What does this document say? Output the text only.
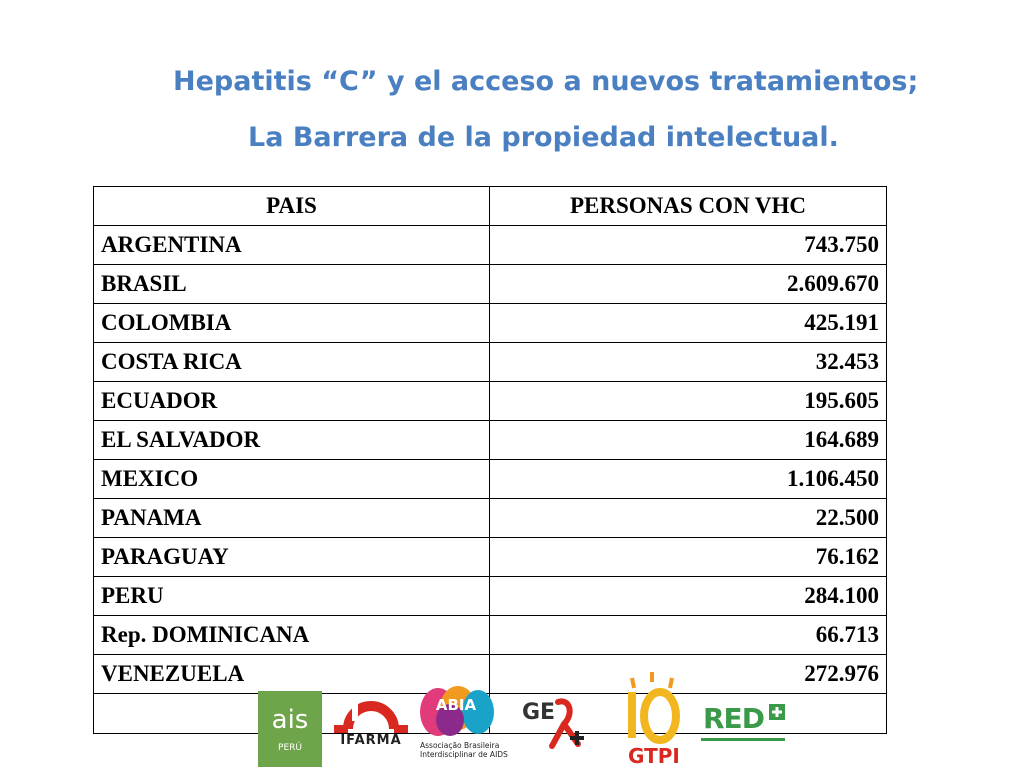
Hepatitis “C” y el acceso a nuevos tratamientos;
La Barrera de la propiedad intelectual.
PAIS	PERSONAS CON VHC
ARGENTINA	743.750
BRASIL	2.609.670
COLOMBIA	425.191
COSTA RICA	32.453
ECUADOR	195.605
EL SALVADOR	164.689
MEXICO	1.106.450
PANAMA	22.500
PARAGUAY	76.162
PERU	284.100
Rep. DOMINICANA	66.713
VENEZUELA	272.976

ais
PERÚ	IFARMA
ABIA
Associação Brasileira
Interdisciplinar de AIDS
GE
GTPI
RED
